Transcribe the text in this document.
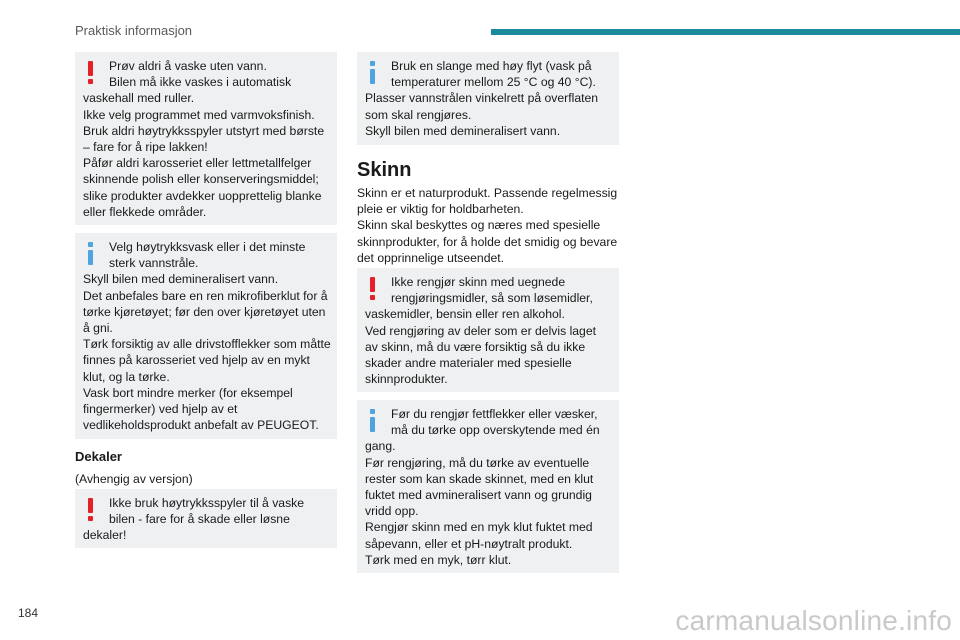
Praktisk informasjon
Prøv aldri å vaske uten vann.
Bilen må ikke vaskes i automatisk
vaskehall med ruller.
Ikke velg programmet med varmvoksfinish.
Bruk aldri høytrykksspyler utstyrt med børste
– fare for å ripe lakken!
Påfør aldri karosseriet eller lettmetallfelger
skinnende polish eller konserveringsmiddel;
slike produkter avdekker uopprettelig blanke
eller flekkede områder.
Velg høytrykksvask eller i det minste
sterk vannstråle.
Skyll bilen med demineralisert vann.
Det anbefales bare en ren mikrofiberklut for å
tørke kjøretøyet; før den over kjøretøyet uten
å gni.
Tørk forsiktig av alle drivstofflekker som måtte
finnes på karosseriet ved hjelp av en mykt
klut, og la tørke.
Vask bort mindre merker (for eksempel
fingermerker) ved hjelp av et
vedlikeholdsprodukt anbefalt av PEUGEOT.
Dekaler
(Avhengig av versjon)
Ikke bruk høytrykksspyler til å vaske
bilen - fare for å skade eller løsne
dekaler!
Bruk en slange med høy flyt (vask på
temperaturer mellom 25 °C og 40 °C).
Plasser vannstrålen vinkelrett på overflaten
som skal rengjøres.
Skyll bilen med demineralisert vann.
Skinn
Skinn er et naturprodukt. Passende regelmessig
pleie er viktig for holdbarheten.
Skinn skal beskyttes og næres med spesielle
skinnprodukter, for å holde det smidig og bevare
det opprinnelige utseendet.
Ikke rengjør skinn med uegnede
rengjøringsmidler, så som løsemidler,
vaskemidler, bensin eller ren alkohol.
Ved rengjøring av deler som er delvis laget
av skinn, må du være forsiktig så du ikke
skader andre materialer med spesielle
skinnprodukter.
Før du rengjør fettflekker eller væsker,
må du tørke opp overskytende med én
gang.
Før rengjøring, må du tørke av eventuelle
rester som kan skade skinnet, med en klut
fuktet med avmineralisert vann og grundig
vridd opp.
Rengjør skinn med en myk klut fuktet med
såpevann, eller et pH-nøytralt produkt.
Tørk med en myk, tørr klut.
184	carmanualsonline.info
